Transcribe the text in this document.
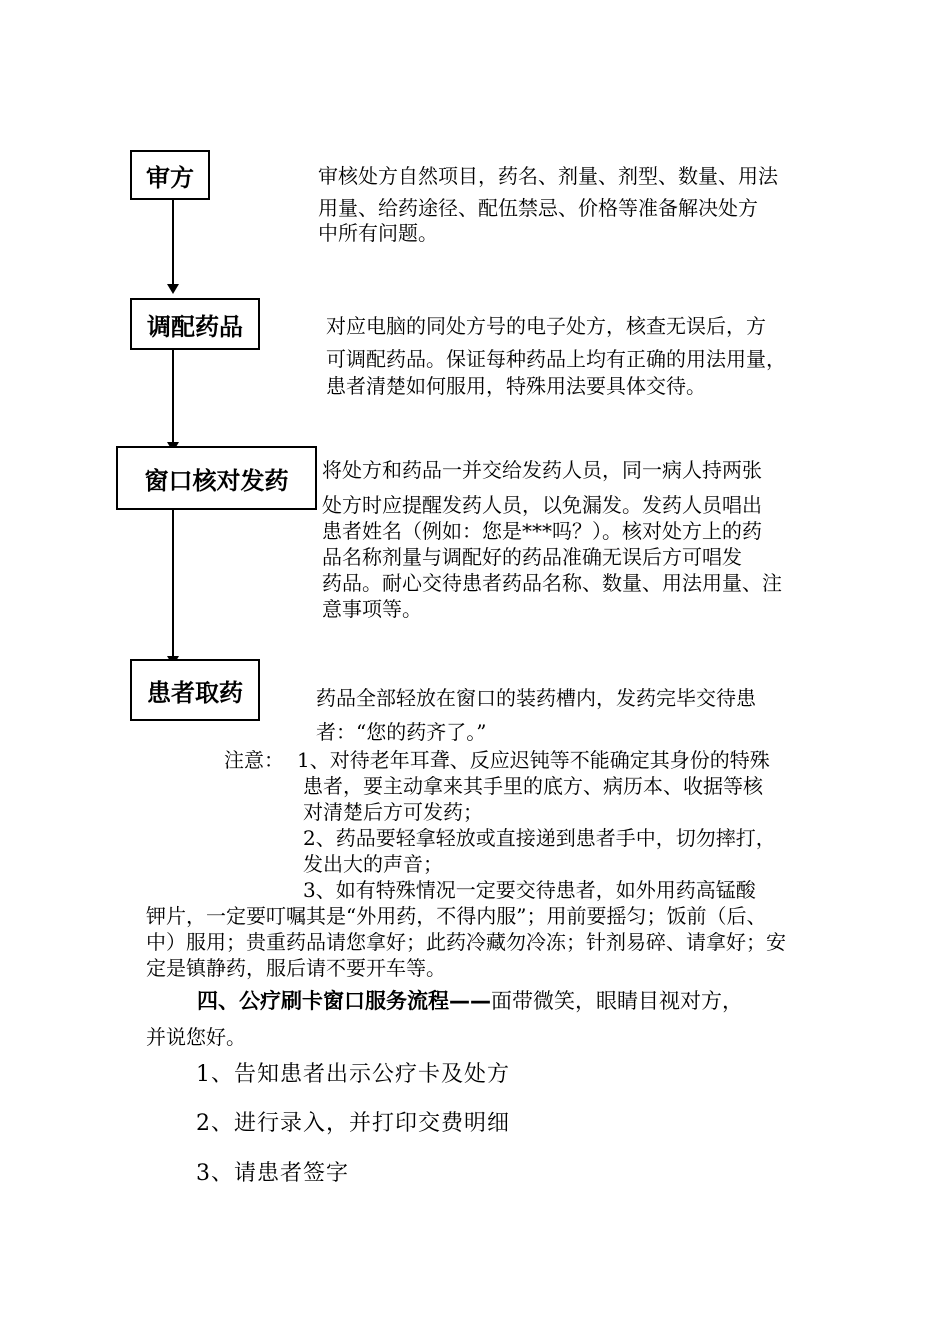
审方	审核处方自然项目，药名、剂量、剂型、数量、用法
用量、给药途径、配伍禁忌、价格等准备解决处方
中所有问题。
调配药品	对应电脑的同处方号的电子处方，核查无误后，方
可调配药品。保证每种药品上均有正确的用法用量，
患者清楚如何服用，特殊用法要具体交待。
窗口核对发药 将处方和药品一并交给发药人员，同一病人持两张
处方时应提醒发药人员，以免漏发。发药人员唱出
患者姓名（例如：您是***吗？）。核对处方上的药
品名称剂量与调配好的药品准确无误后方可唱发
药品。耐心交待患者药品名称、数量、用法用量、注
意事项等。
患者取药	药品全部轻放在窗口的装药槽内，发药完毕交待患
者：“您的药齐了。”
注意： 1、对待老年耳聋、反应迟钝等不能确定其身份的特殊
患者，要主动拿来其手里的底方、病历本、收据等核
对清楚后方可发药；
2、药品要轻拿轻放或直接递到患者手中，切勿摔打，
发出大的声音；
3、如有特殊情况一定要交待患者，如外用药高锰酸
钾片，一定要叮嘱其是“外用药，不得内服”；用前要摇匀；饭前（后、
中）服用；贵重药品请您拿好；此药冷藏勿冷冻；针剂易碎、请拿好；安
定是镇静药，服后请不要开车等。
四、公疗刷卡窗口服务流程——面带微笑，眼睛目视对方，
并说您好。
1、告知患者出示公疗卡及处方
2、进行录入，并打印交费明细
3、请患者签字
